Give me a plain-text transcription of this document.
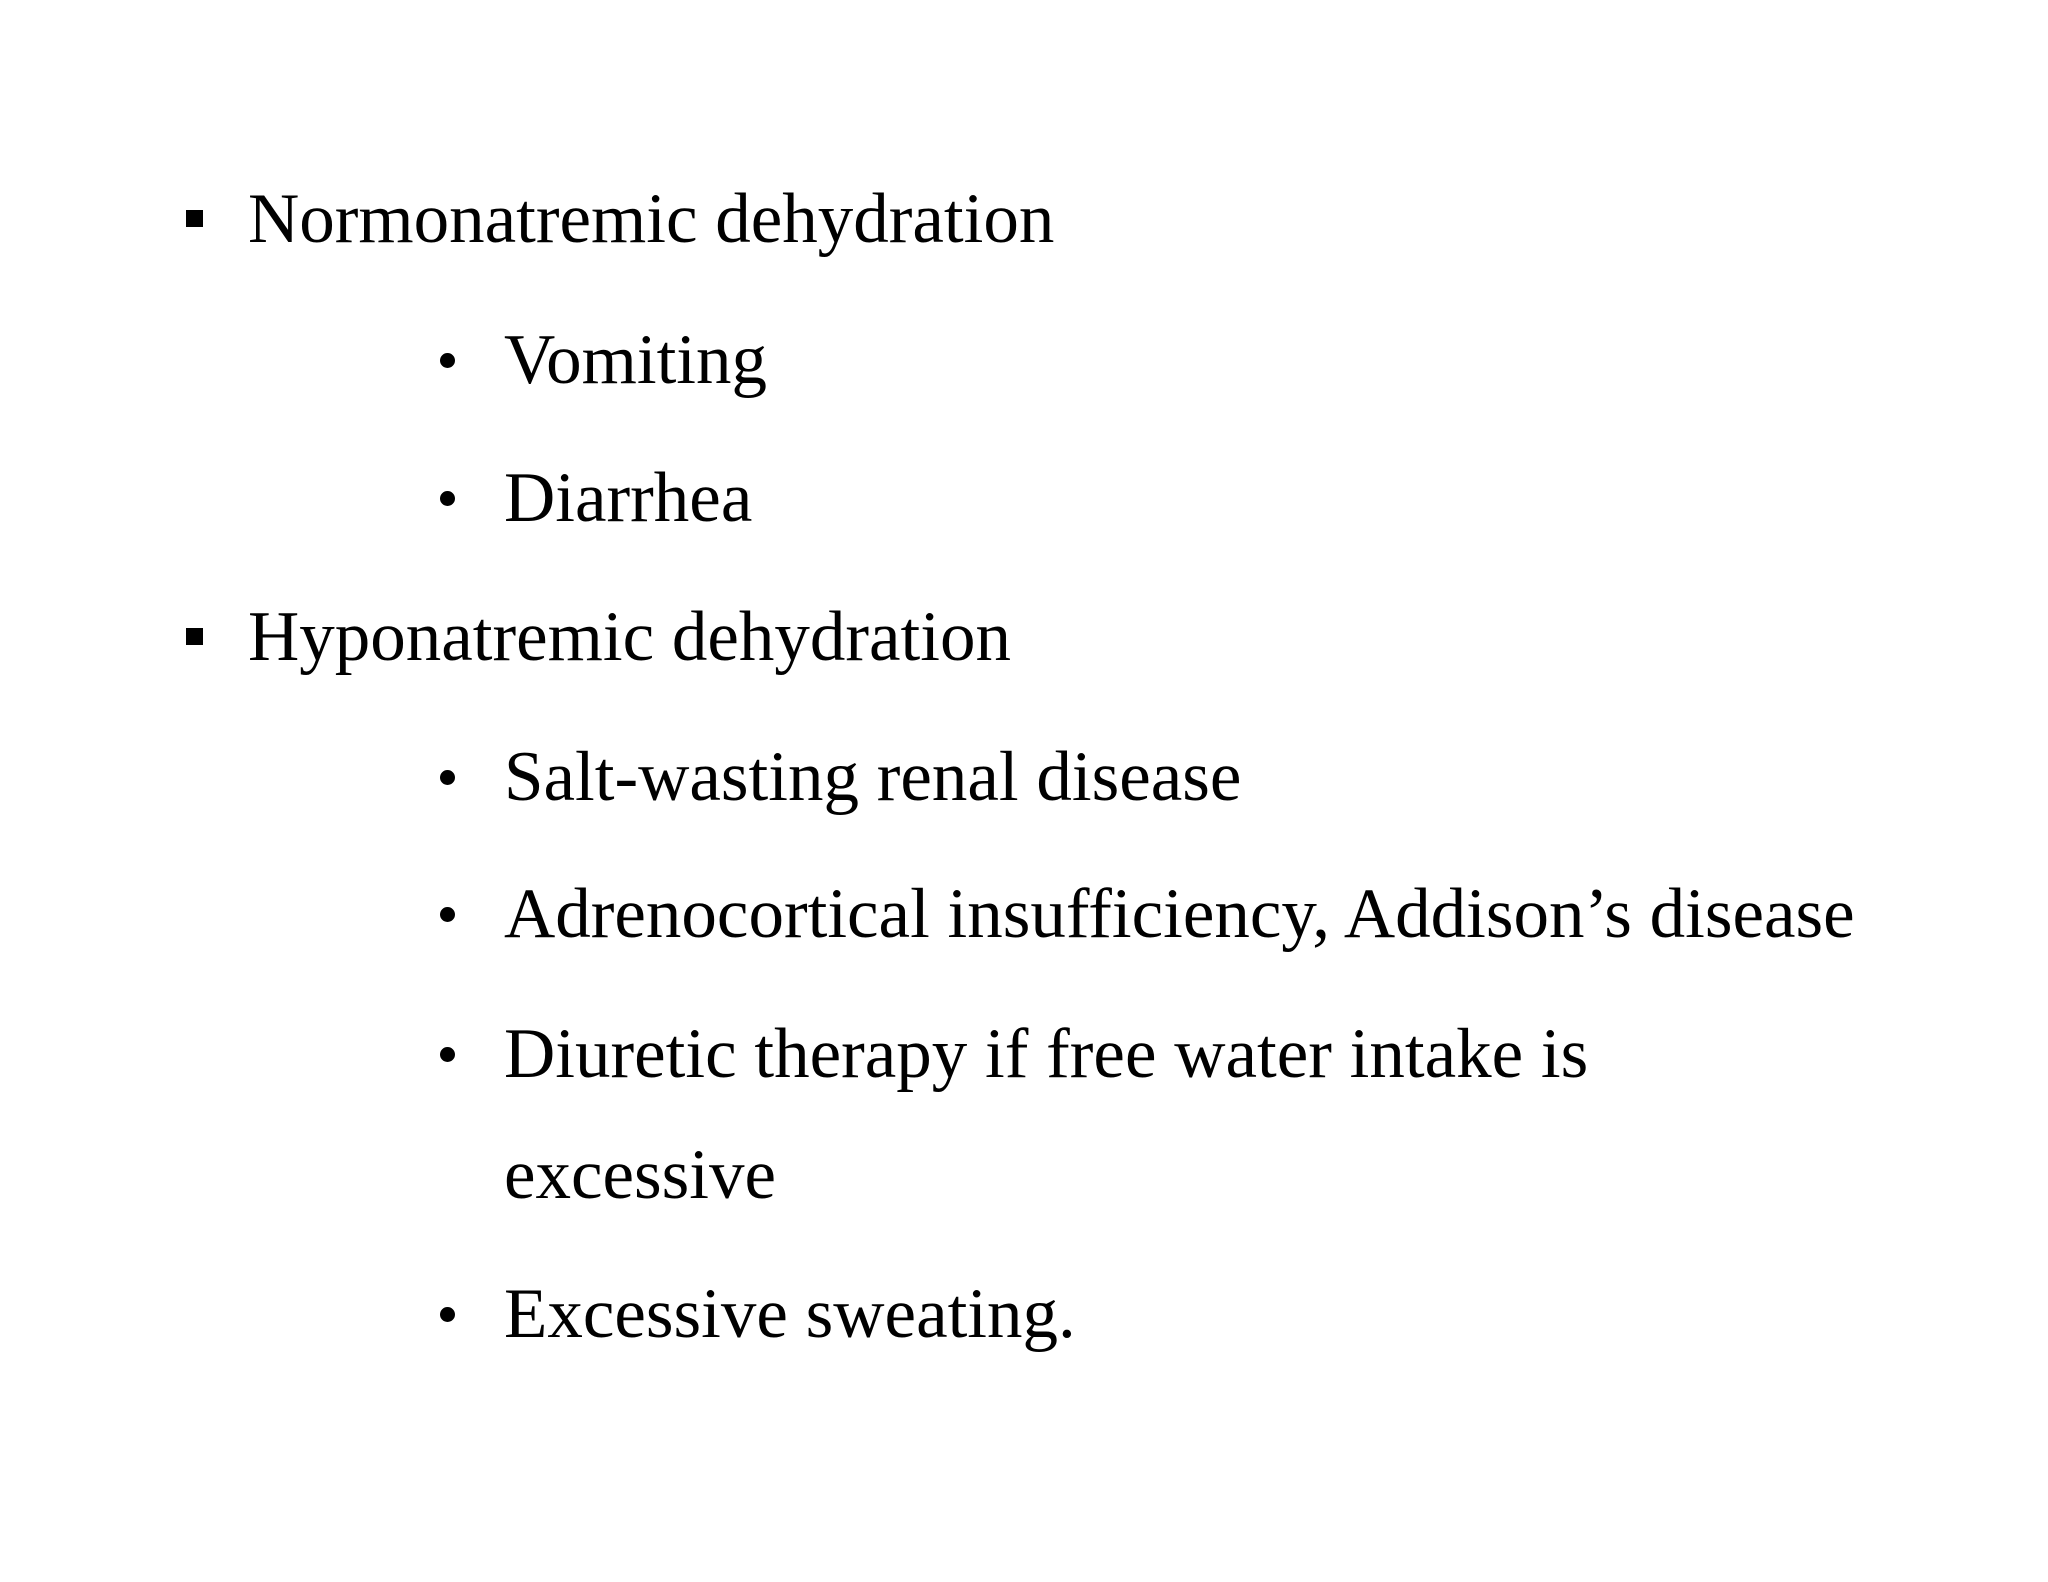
Normonatremic dehydration
Vomiting
Diarrhea
Hyponatremic dehydration
Salt-wasting renal disease
Adrenocortical insufficiency, Addison’s disease
Diuretic therapy if free water intake is
excessive
Excessive sweating.
